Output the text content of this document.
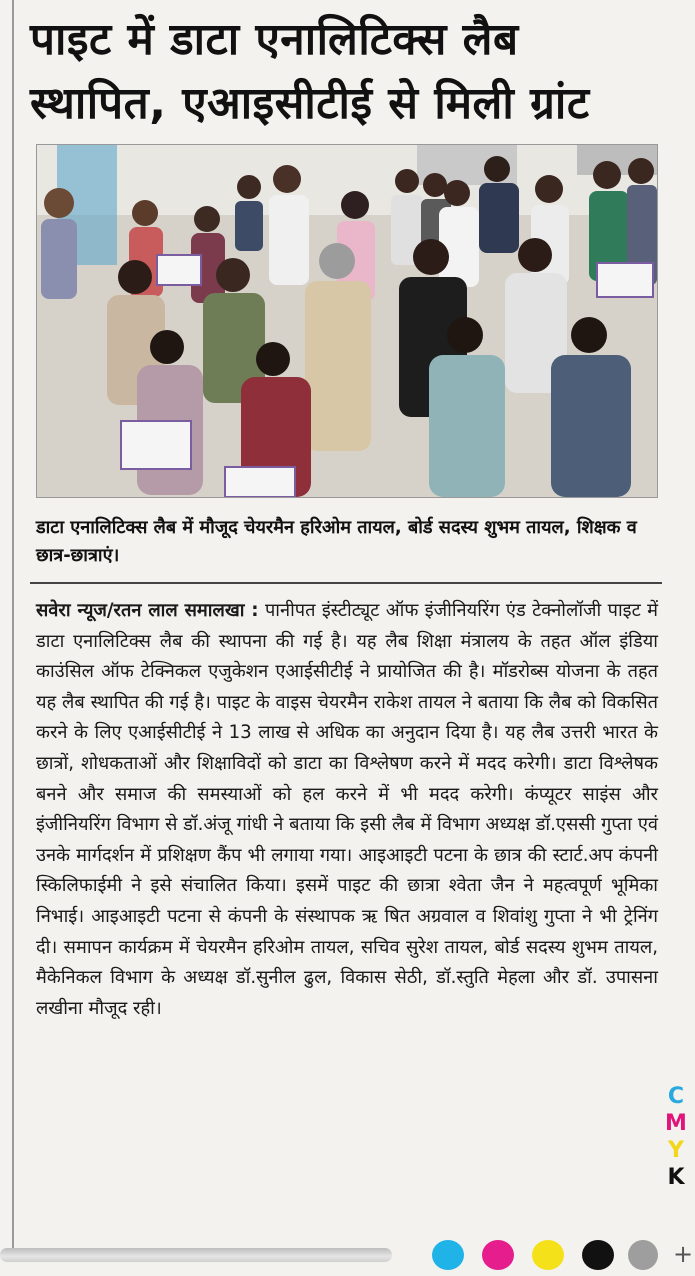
पाइट में डाटा एनालिटिक्स लैब
स्थापित, एआइसीटीई से मिली ग्रांट

डाटा एनालिटिक्स लैब में मौजूद चेयरमैन हरिओम तायल, बोर्ड सदस्य शुभम तायल, शिक्षक व छात्र-छात्राएं।

सवेरा न्यूज/रतन लाल समालखा : पानीपत इंस्टीट्यूट ऑफ इंजीनियरिंग एंड टेक्नोलॉजी पाइट में डाटा एनालिटिक्स लैब की स्थापना की गई है। यह लैब शिक्षा मंत्रालय के तहत ऑल इंडिया काउंसिल ऑफ टेक्निकल एजुकेशन एआईसीटीई ने प्रायोजित की है। मॉडरोब्स योजना के तहत यह लैब स्थापित की गई है। पाइट के वाइस चेयरमैन राकेश तायल ने बताया कि लैब को विकसित करने के लिए एआईसीटीई ने 13 लाख से अधिक का अनुदान दिया है। यह लैब उत्तरी भारत के छात्रों, शोधकताओं और शिक्षाविदों को डाटा का विश्लेषण करने में मदद करेगी। डाटा विश्लेषक बनने और समाज की समस्याओं को हल करने में भी मदद करेगी। कंप्यूटर साइंस और इंजीनियरिंग विभाग से डॉ.अंजू गांधी ने बताया कि इसी लैब में विभाग अध्यक्ष डॉ.एससी गुप्ता एवं उनके मार्गदर्शन में प्रशिक्षण कैंप भी लगाया गया। आइआइटी पटना के छात्र की स्टार्ट.अप कंपनी स्किलिफाईमी ने इसे संचालित किया। इसमें पाइट की छात्रा श्वेता जैन ने महत्वपूर्ण भूमिका निभाई। आइआइटी पटना से कंपनी के संस्थापक ऋ षित अग्रवाल व शिवांशु गुप्ता ने भी ट्रेनिंग दी। समापन कार्यक्रम में चेयरमैन हरिओम तायल, सचिव सुरेश तायल, बोर्ड सदस्य शुभम तायल, मैकेनिकल विभाग के अध्यक्ष डॉ.सुनील ढुल, विकास सेठी, डॉ.स्तुति मेहला और डॉ. उपासना लखीना मौजूद रही।

C
M
Y
K
+
